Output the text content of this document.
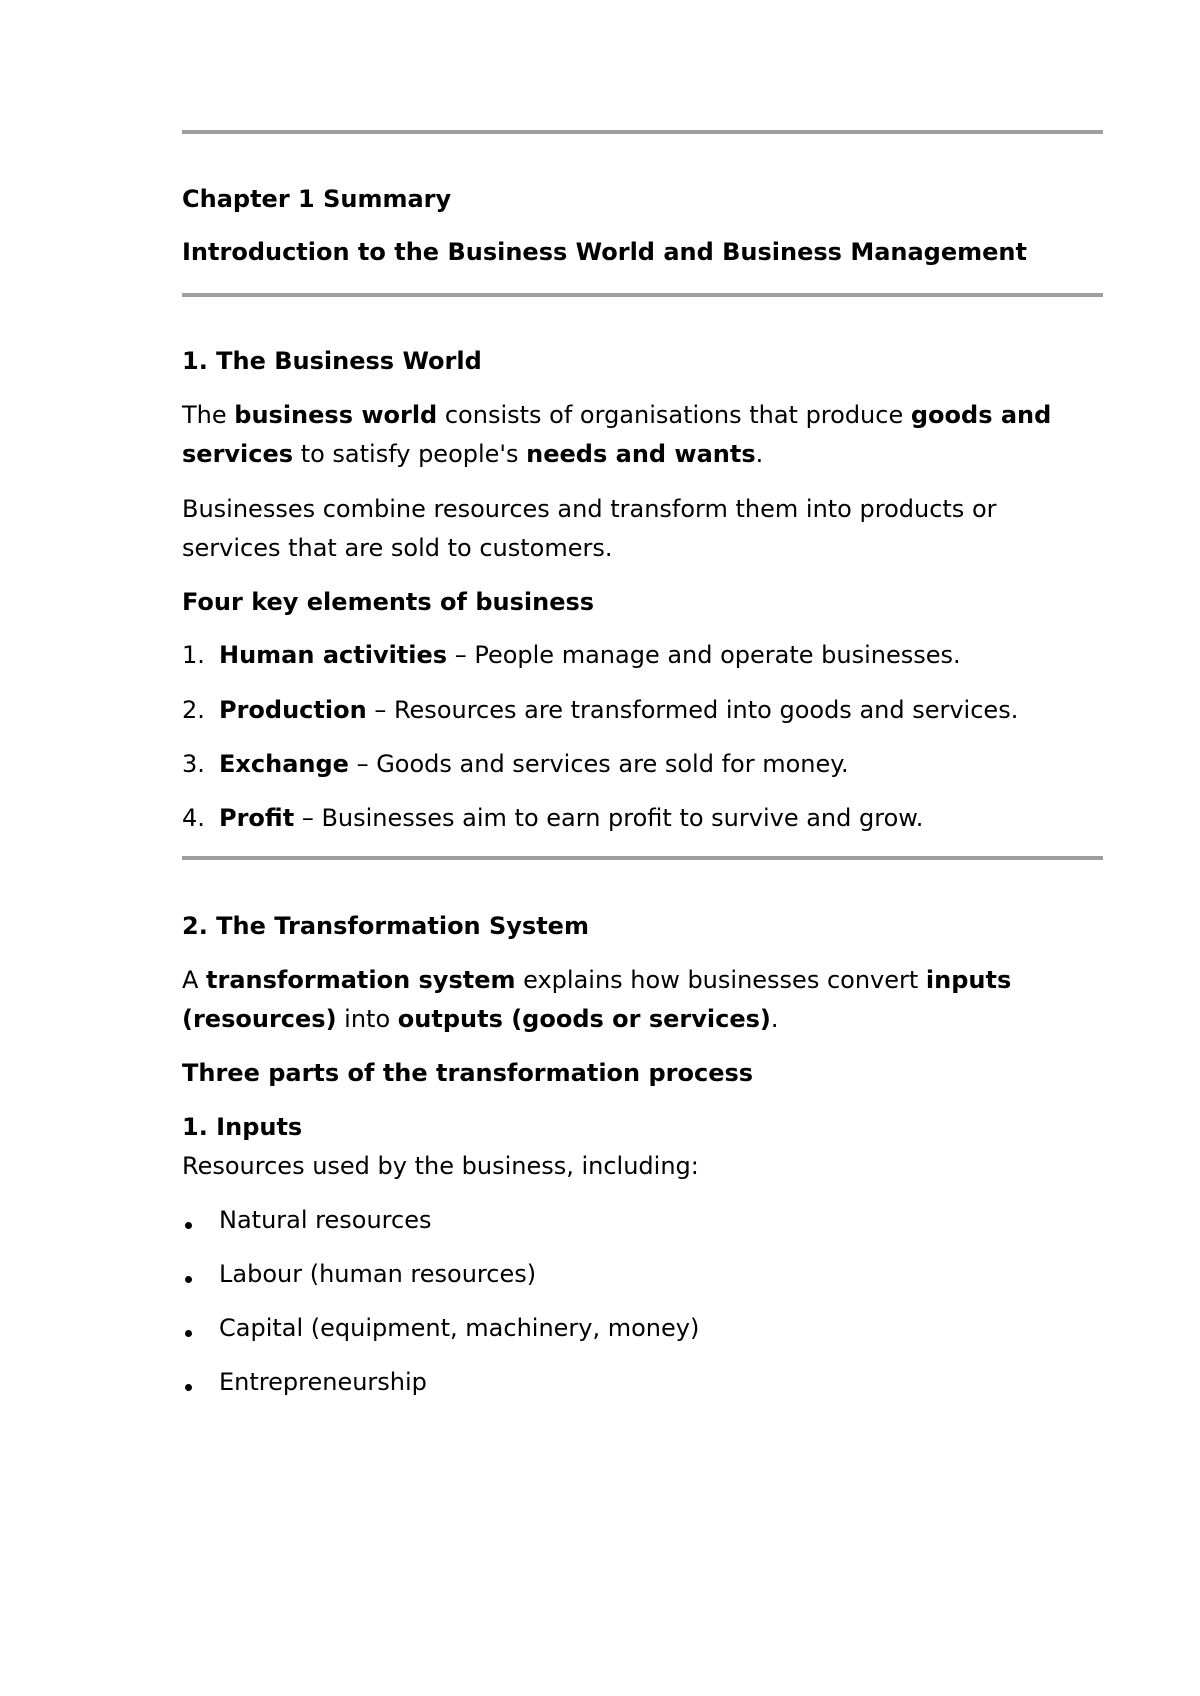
Chapter 1 Summary
Introduction to the Business World and Business Management
1. The Business World
The business world consists of organisations that produce goods and
services to satisfy people's needs and wants.
Businesses combine resources and transform them into products or
services that are sold to customers.
Four key elements of business
1. Human activities – People manage and operate businesses.
2. Production – Resources are transformed into goods and services.
3. Exchange – Goods and services are sold for money.
4. Profit – Businesses aim to earn profit to survive and grow.
2. The Transformation System
A transformation system explains how businesses convert inputs
(resources) into outputs (goods or services).
Three parts of the transformation process
1. Inputs
Resources used by the business, including:
Natural resources
Labour (human resources)
Capital (equipment, machinery, money)
Entrepreneurship
